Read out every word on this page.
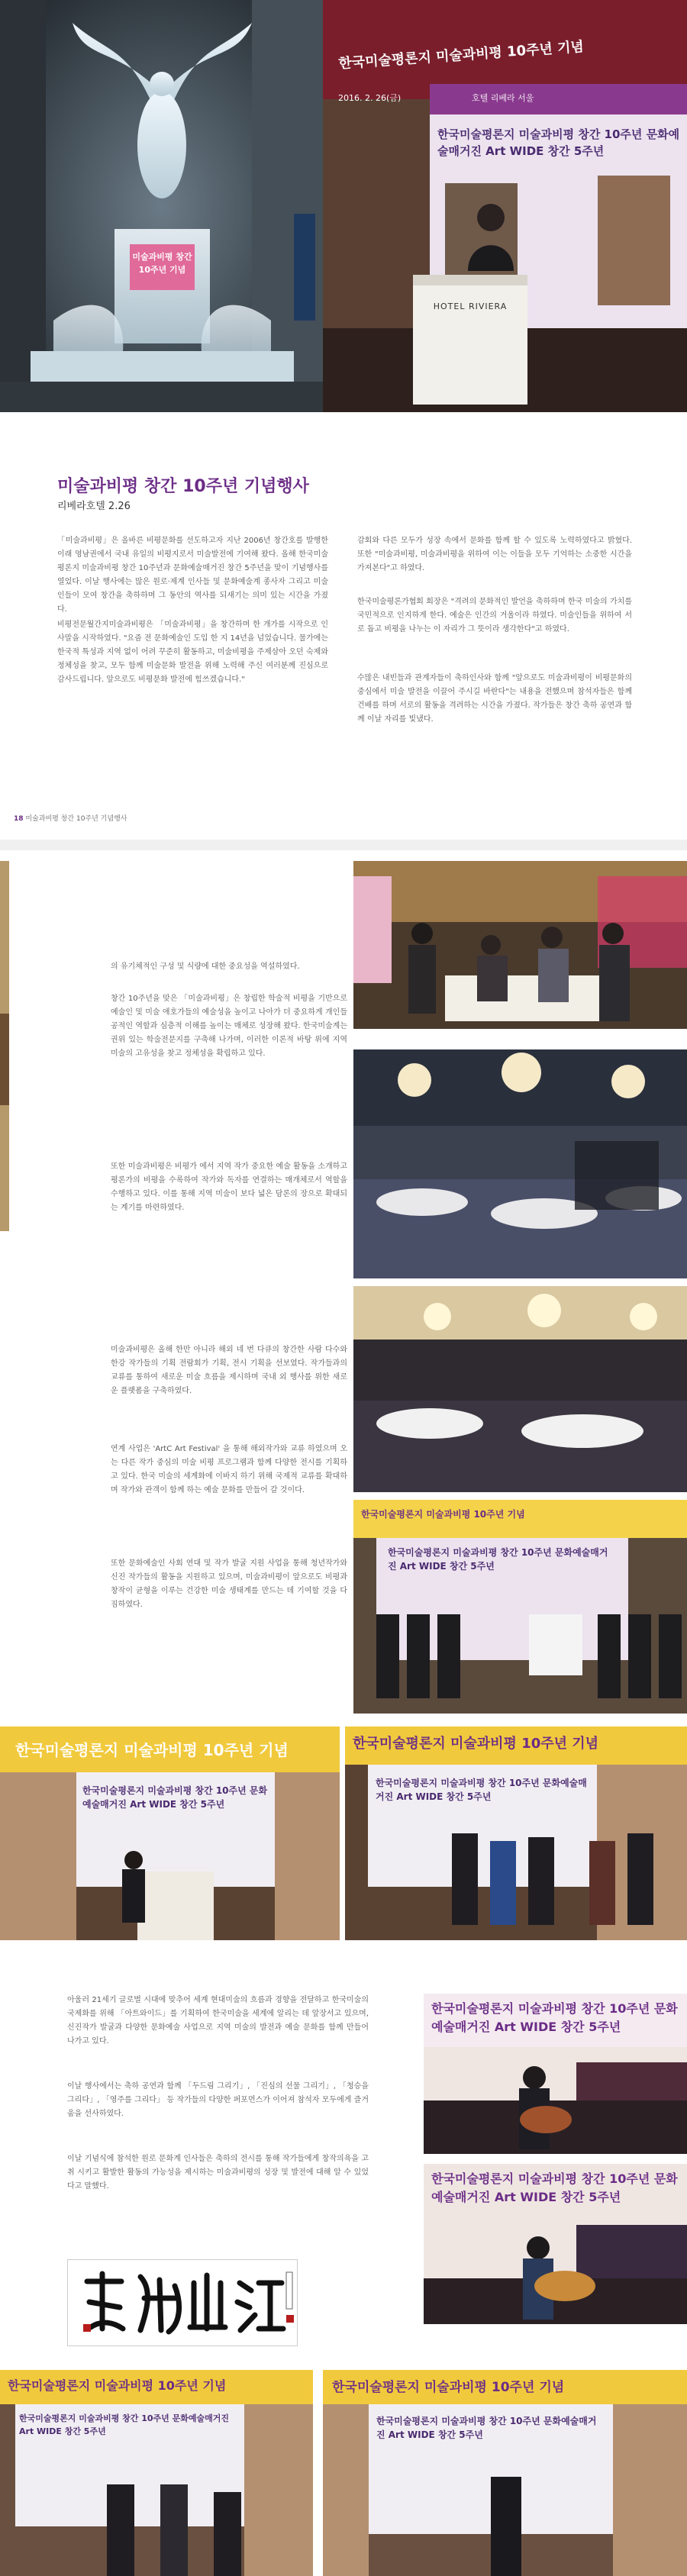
미술과비평 창간 10주년 기념
한국미술평론지 미술과비평 10주년 기념
2016. 2. 26(금)	호텔 리베라 서울
한국미술평론지 미술과비평 창간 10주년 문화예술매거진 Art WIDE 창간 5주년
HOTEL RIVIERA
미술과비평 창간 10주년 기념행사
리베라호텔 2.26
「미술과비평」은 올바른 비평문화를 선도하고자 지난 2006년 창간호를 발행한 이래 영남권에서 국내 유일의 비평지로서 미술발전에 기여해 왔다. 올해 한국미술평론지 미술과비평 창간 10주년과 문화예술매거진 창간 5주년을 맞이 기념행사를 열었다. 이날 행사에는 많은 원로·제계 인사들 및 문화예술계 종사자 그리고 미술인들이 모여 창간을 축하하며 그 동안의 역사를 되새기는 의미 있는 시간을 가졌다.
비평전문월간지미술과비평은 「미술과비평」을 창간하며 한 개가를 시작으로 인사말을 시작하였다. "요즘 전 문화예술인 도입 한 지 14년을 넘었습니다. 물가에는 한국적 특성과 지역 없이 어려 꾸준히 활동하고, 미술비평을 주제삼아 오던 숙제와 정체성을 찾고, 모두 함께 미술문화 발전을 위해 노력해 주신 여러분께 진심으로 감사드립니다. 앞으로도 비평문화 발전에 힘쓰겠습니다."
감회와 다른 모두가 성장 속에서 문화를 함께 할 수 있도록 노력하였다고 밝혔다. 또한 "미술과비평, 미술과비평을 위하여 이는 이들을 모두 기억하는 소중한 시간을 가져본다"고 하였다.
한국미술평론가협회 회장은 "격려의 문화적인 발언을 축하하며 한국 미술의 가치를 국민적으로 인지하게 한다. 예술은 인간의 거울이라 하였다. 미술인들을 위하여 서로 돕고 비평을 나누는 이 자리가 그 뜻이라 생각한다"고 하였다.
수많은 내빈들과 관계자들이 축하인사와 함께 "앞으로도 미술과비평이 비평문화의 중심에서 미술 발전을 이끌어 주시길 바란다"는 내용을 전했으며 참석자들은 함께 건배를 하며 서로의 활동을 격려하는 시간을 가졌다. 작가들은 창간 축하 공연과 함께 이날 자리를 빛냈다.
18 미술과비평 창간 10주년 기념행사
의 유기체적인 구성 및 식량에 대한 중요성을 역설하였다.
창간 10주년을 맞은 「미술과비평」은 창립한 학술적 비평을 기반으로 예술인 및 미술 애호가들의 예술성을 높이고 나아가 더 중요하게 개인들 공적인 역할과 심층적 이해를 높이는 매체로 성장해 왔다. 한국미술계는 권위 있는 학술전문지를 구축해 나가며, 이러한 이론적 바탕 위에 지역 미술의 고유성을 찾고 정체성을 확립하고 있다.
또한 미술과비평은 비평가 에서 지역 작가 중요한 예술 활동을 소개하고 평론가의 비평을 수록하여 작가와 독자를 연결하는 매개체로서 역할을 수행하고 있다. 이를 통해 지역 미술이 보다 넓은 담론의 장으로 확대되는 계기를 마련하였다.
미술과비평은 올해 한만 아니라 해외 네 번 다큐의 창간한 사람 다수와 한강 작가들의 기획 전람회가 기획, 전시 기획을 선보였다. 작가들과의 교류를 통하여 새로운 미술 흐름을 제시하며 국내 외 행사를 위한 새로운 플랫폼을 구축하였다.
연계 사업은 'ArtC Art Festival' 을 통해 해외작가와 교류 하였으며 오는 다른 작가 중심의 미술 비평 프로그램과 함께 다양한 전시를 기획하고 있다. 한국 미술의 세계화에 이바지 하기 위해 국제적 교류를 확대하며 작가와 관객이 함께 하는 예술 문화를 만들어 갈 것이다.
또한 문화예술인 사회 연대 및 작가 발굴 지원 사업을 통해 청년작가와 신진 작가들의 활동을 지원하고 있으며, 미술과비평이 앞으로도 비평과 창작이 균형을 이루는 건강한 미술 생태계를 만드는 데 기여할 것을 다짐하였다.
한국미술평론지 미술과비평 10주년 기념
한국미술평론지 미술과비평 창간 10주년 문화예술매거진 Art WIDE 창간 5주년
한국미술평론지 미술과비평 10주년 기념
한국미술평론지 미술과비평 창간 10주년 문화예술매거진 Art WIDE 창간 5주년
한국미술평론지 미술과비평 10주년 기념
한국미술평론지 미술과비평 창간 10주년 문화예술매거진 Art WIDE 창간 5주년
아울러 21세기 글로벌 시대에 맞추어 세계 현대미술의 흐름과 경향을 전달하고 한국미술의 국제화를 위해 「아트와이드」를 기획하여 한국미술을 세계에 알리는 데 앞장서고 있으며, 신진작가 발굴과 다양한 문화예술 사업으로 지역 미술의 발전과 예술 문화를 함께 만들어 나가고 있다.
이날 행사에서는 축하 공연과 함께 「두드림 그리기」, 「진심의 선물 그리기」, 「청승을 그리다」, 「영주를 그리다」 등 작가들의 다양한 퍼포먼스가 이어져 참석자 모두에게 즐거움을 선사하였다.
이날 기념식에 참석한 원로 문화계 인사들은 축하의 전시를 통해 작가들에게 창작의욕을 고취 시키고 활발한 활동의 가능성을 제시하는 미술과비평의 성장 및 발전에 대해 알 수 있었다고 말했다.
한국미술평론지 미술과비평 창간 10주년 문화예술매거진 Art WIDE 창간 5주년
한국미술평론지 미술과비평 창간 10주년 문화예술매거진 Art WIDE 창간 5주년
한국미술평론지 미술과비평 10주년 기념
한국미술평론지 미술과비평 창간 10주년 문화예술매거진 Art WIDE 창간 5주년
한국미술평론지 미술과비평 10주년 기념
한국미술평론지 미술과비평 창간 10주년 문화예술매거진 Art WIDE 창간 5주년
